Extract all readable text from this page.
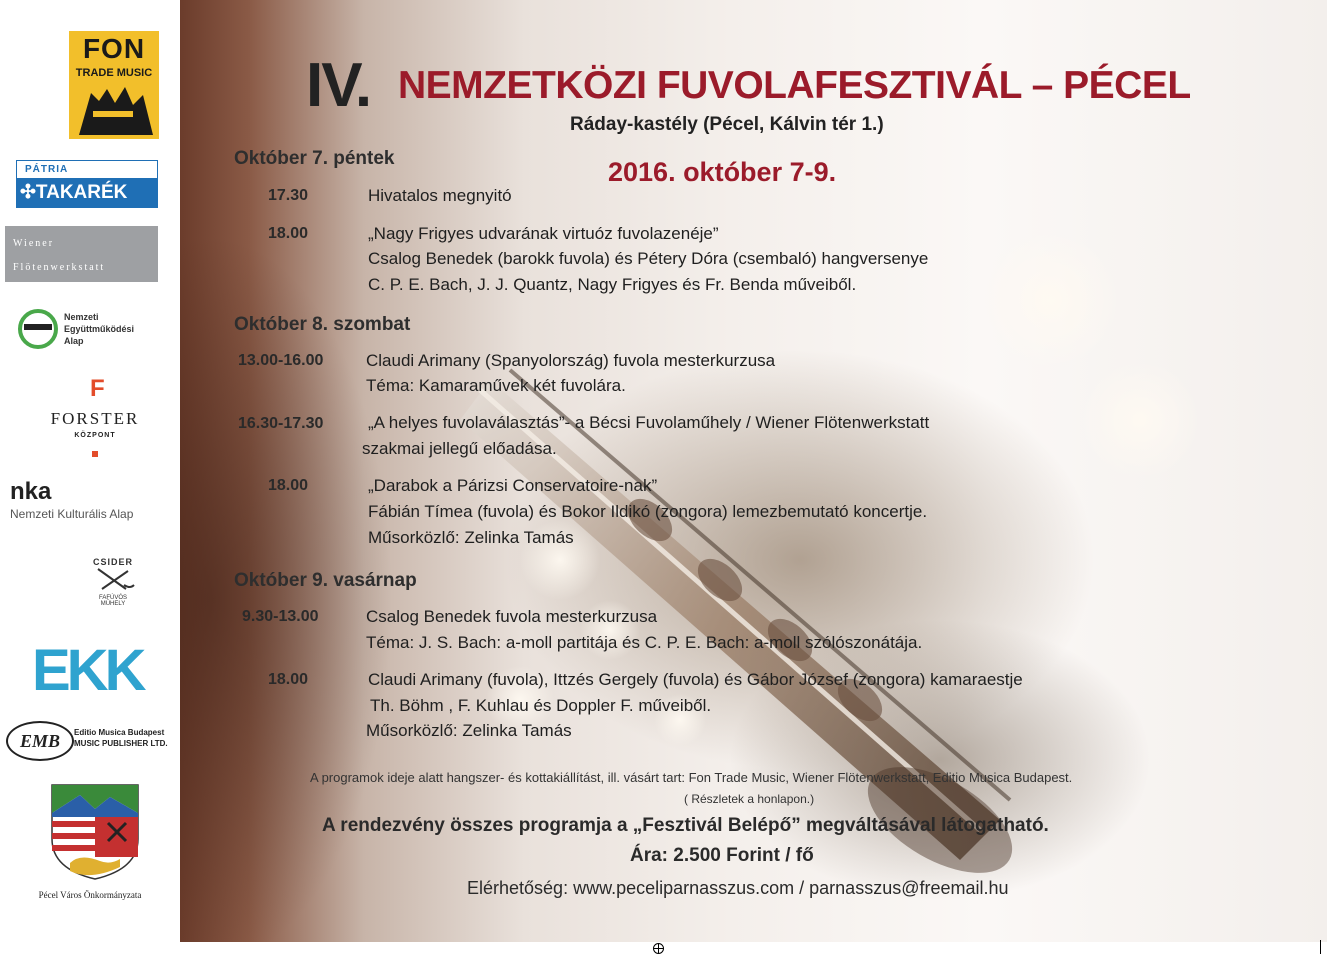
FON
TRADE MUSIC
PÁTRIA
✣TAKARÉK
Wiener
Flötenwerkstatt
Nemzeti
Együttműködési
Alap
F
FORSTER
KÖZPONT
nka
Nemzeti Kulturális Alap
CSIDER
FAFÚVÓS
MŰHELY
EKK
EMB	Editio Musica Budapest
MUSIC PUBLISHER LTD.
Pécel Város Önkormányzata
IV. NEMZETKÖZI FUVOLAFESZTIVÁL – PÉCEL
Ráday-kastély (Pécel, Kálvin tér 1.)
2016. október 7-9.
Október 7. péntek
17.30	Hivatalos megnyitó
18.00	„Nagy Frigyes udvarának virtuóz fuvolazenéje”
Csalog Benedek (barokk fuvola) és Pétery Dóra (csembaló) hangversenye
C. P. E. Bach, J. J. Quantz, Nagy Frigyes és Fr. Benda műveiből.
Október 8. szombat
13.00-16.00	Claudi Arimany (Spanyolország) fuvola mesterkurzusa
Téma: Kamaraművek két fuvolára.
16.30-17.30	„A helyes fuvolaválasztás”- a Bécsi Fuvolaműhely / Wiener Flötenwerkstatt
szakmai jellegű előadása.
18.00	„Darabok a Párizsi Conservatoire-nak”
Fábián Tímea (fuvola) és Bokor Ildikó (zongora) lemezbemutató koncertje.
Műsorközlő: Zelinka Tamás
Október 9. vasárnap
9.30-13.00	Csalog Benedek fuvola mesterkurzusa
Téma: J. S. Bach: a-moll partitája és C. P. E. Bach: a-moll szólószonátája.
18.00	Claudi Arimany (fuvola), Ittzés Gergely (fuvola) és Gábor József (zongora) kamaraestje
Th. Böhm , F. Kuhlau és Doppler F. műveiből.
Műsorközlő: Zelinka Tamás
A programok ideje alatt hangszer- és kottakiállítást, ill. vásárt tart: Fon Trade Music, Wiener Flötenwerkstatt, Editio Musica Budapest.
( Részletek a honlapon.)
A rendezvény összes programja a „Fesztivál Belépő” megváltásával látogatható.
Ára: 2.500 Forint / fő
Elérhetőség: www.peceliparnasszus.com / parnasszus@freemail.hu
